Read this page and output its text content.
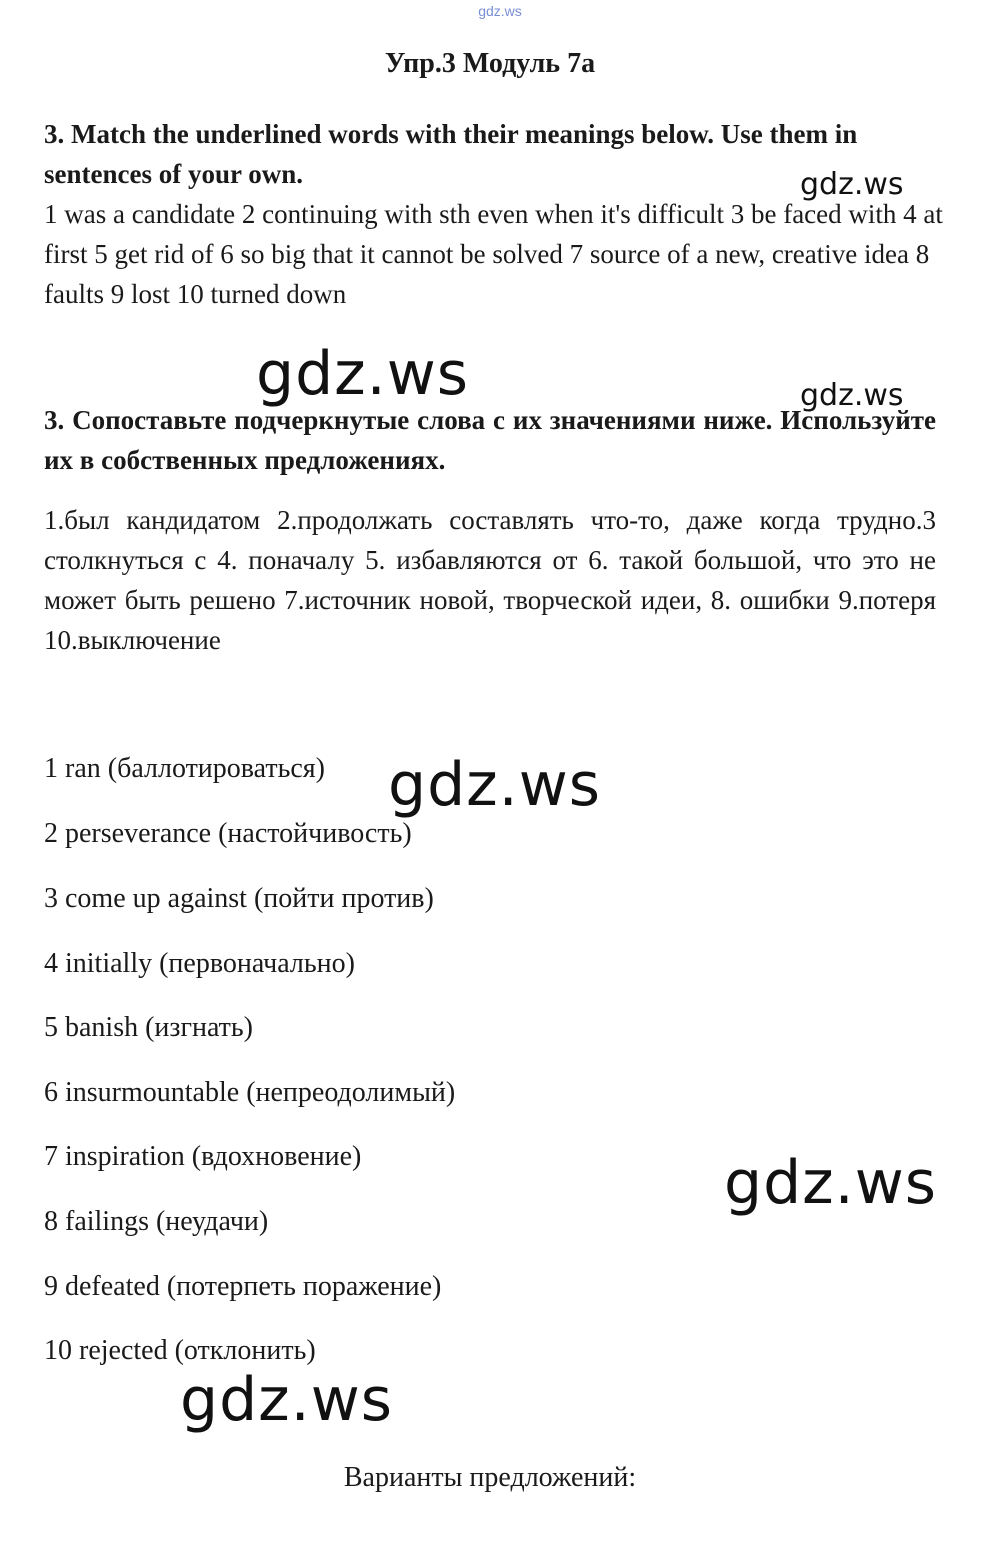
gdz.ws
Упр.3 Модуль 7a
3. Match the underlined words with their meanings below. Use them in sentences of your own.
1 was a candidate 2 continuing with sth even when it's difficult 3 be faced with 4 at first 5 get rid of 6 so big that it cannot be solved 7 source of a new, creative idea 8 faults 9 lost 10 turned down
3. Сопоставьте подчеркнутые слова с их значениями ниже. Используйте их в собственных предложениях.
1.был кандидатом 2.продолжать составлять что-то, даже когда трудно.3 столкнуться с 4. поначалу 5. избавляются от 6. такой большой, что это не может быть решено 7.источник новой, творческой идеи, 8. ошибки 9.потеря 10.выключение
1 ran (баллотироваться)
2 perseverance (настойчивость)
3 come up against (пойти против)
4 initially (первоначально)
5 banish (изгнать)
6 insurmountable (непреодолимый)
7 inspiration (вдохновение)
8 failings (неудачи)
9 defeated (потерпеть поражение)
10 rejected (отклонить)
Варианты предложений:
gdz.ws
gdz.ws	gdz.ws
gdz.ws
gdz.ws
gdz.ws
